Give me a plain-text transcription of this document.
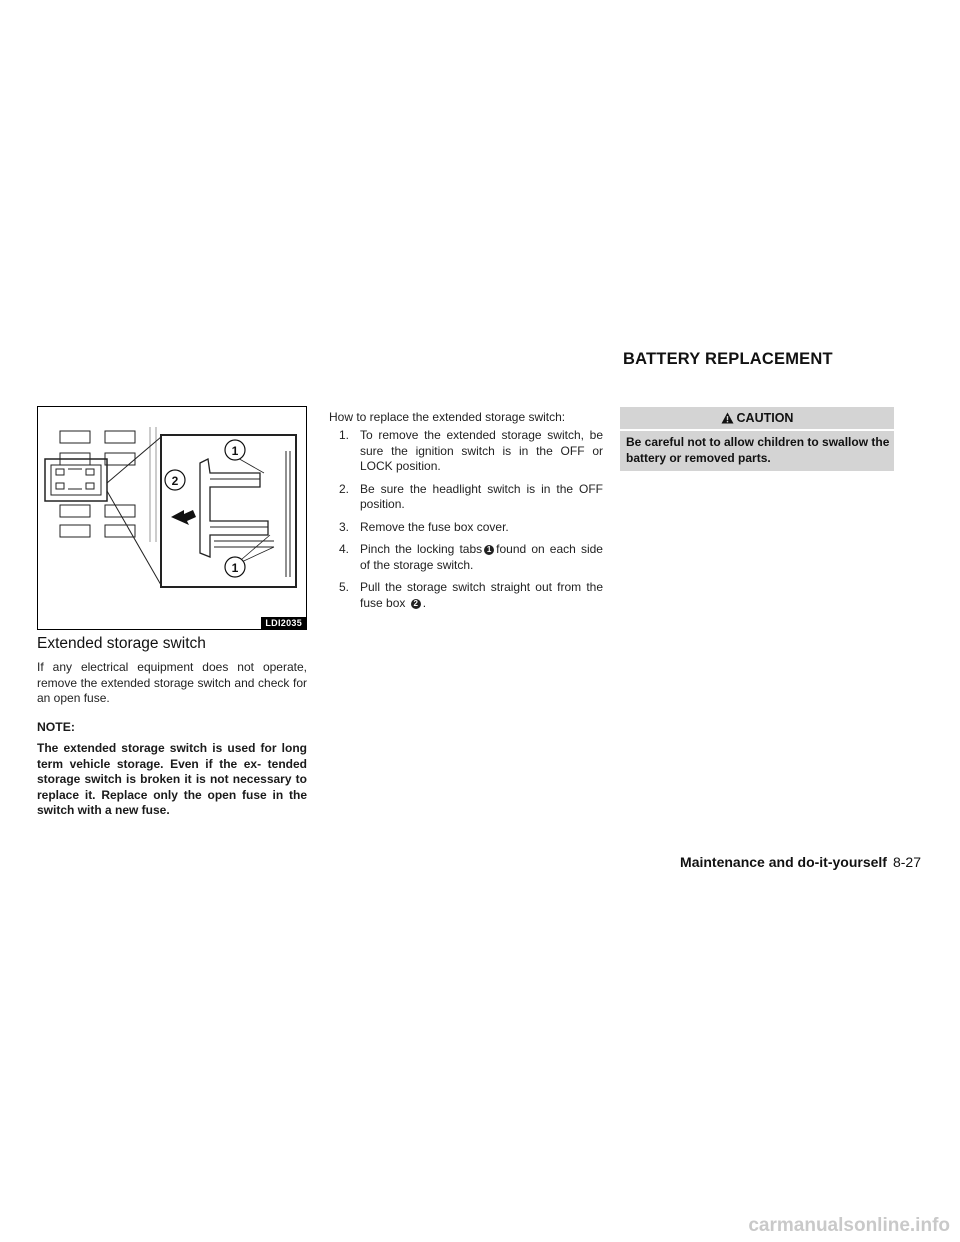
BATTERY REPLACEMENT
1
2
1
LDI2035
Extended storage switch
If any electrical equipment does not operate, remove the extended storage switch and check for an open fuse.
NOTE:
The extended storage switch is used for long term vehicle storage. Even if the ex- tended storage switch is broken it is not necessary to replace it. Replace only the open fuse in the switch with a new fuse.
How to replace the extended storage switch:
1. To remove the extended storage switch, be sure the ignition switch is in the OFF or LOCK position.
2. Be sure the headlight switch is in the OFF position.
3. Remove the fuse box cover.
4. Pinch the locking tabs 1 found on each side of the storage switch.
5. Pull the storage switch straight out from the fuse box 2 .
CAUTION
Be careful not to allow children to swallow the battery or removed parts.
Maintenance and do-it-yourself 8-27
carmanualsonline.info
